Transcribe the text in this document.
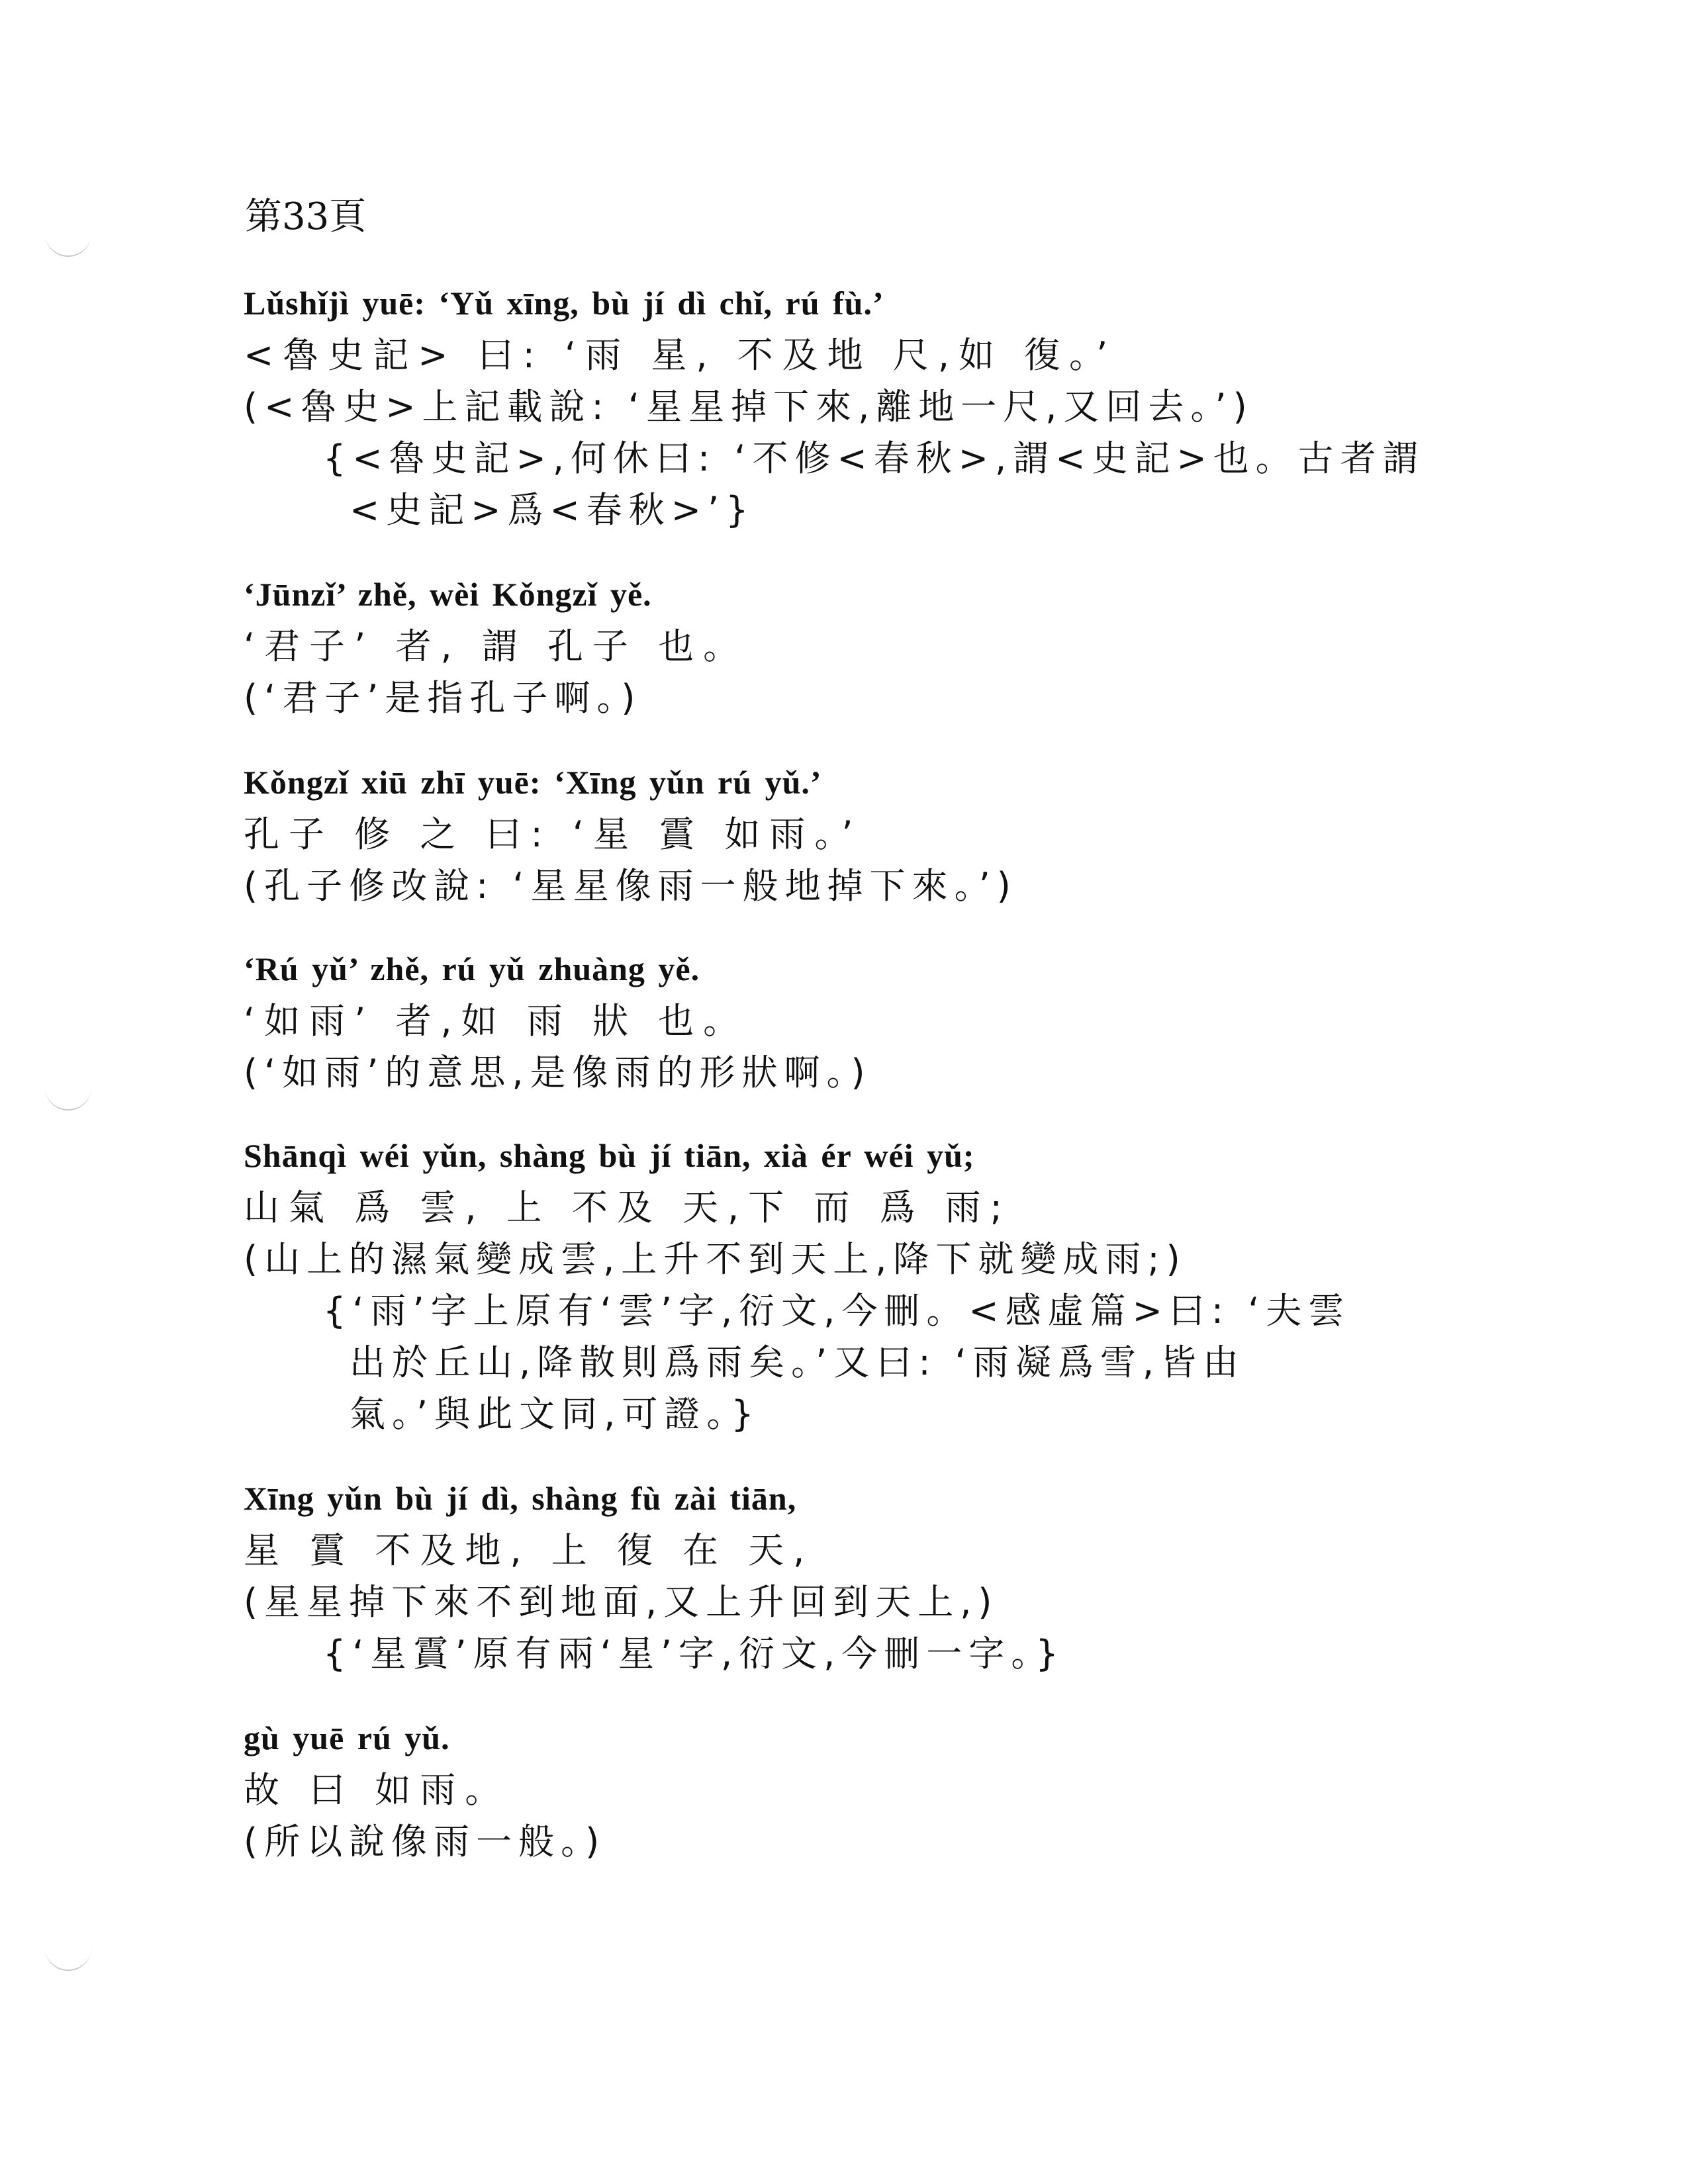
第33頁
Lǔshǐjì yuē: ‘Yǔ xīng, bù jí dì chǐ, rú fù.’
<魯史記> 曰: ‘雨 星, 不及地 尺,如 復。’
(<魯史>上記載說: ‘星星掉下來,離地一尺,又回去。’)
{<魯史記>,何休曰: ‘不修<春秋>,謂<史記>也。古者謂
<史記>爲<春秋>’}
‘Jūnzǐ’ zhě, wèi Kǒngzǐ yě.
‘君子’ 者, 謂 孔子 也。
(‘君子’是指孔子啊。)
Kǒngzǐ xiū zhī yuē: ‘Xīng yǔn rú yǔ.’
孔子 修 之 曰: ‘星 霣 如雨。’
(孔子修改說: ‘星星像雨一般地掉下來。’)
‘Rú yǔ’ zhě, rú yǔ zhuàng yě.
‘如雨’ 者,如 雨 狀 也。
(‘如雨’的意思,是像雨的形狀啊。)
Shānqì wéi yǔn, shàng bù jí tiān, xià ér wéi yǔ;
山氣 爲 雲, 上 不及 天,下 而 爲 雨;
(山上的濕氣變成雲,上升不到天上,降下就變成雨;)
{‘雨’字上原有‘雲’字,衍文,今刪。<感虛篇>曰: ‘夫雲
出於丘山,降散則爲雨矣。’又曰: ‘雨凝爲雪,皆由
氣。’與此文同,可證。}
Xīng yǔn bù jí dì, shàng fù zài tiān,
星 霣 不及地, 上 復 在 天,
(星星掉下來不到地面,又上升回到天上,)
{‘星霣’原有兩‘星’字,衍文,今刪一字。}
gù yuē rú yǔ.
故 曰 如雨。
(所以說像雨一般。)
